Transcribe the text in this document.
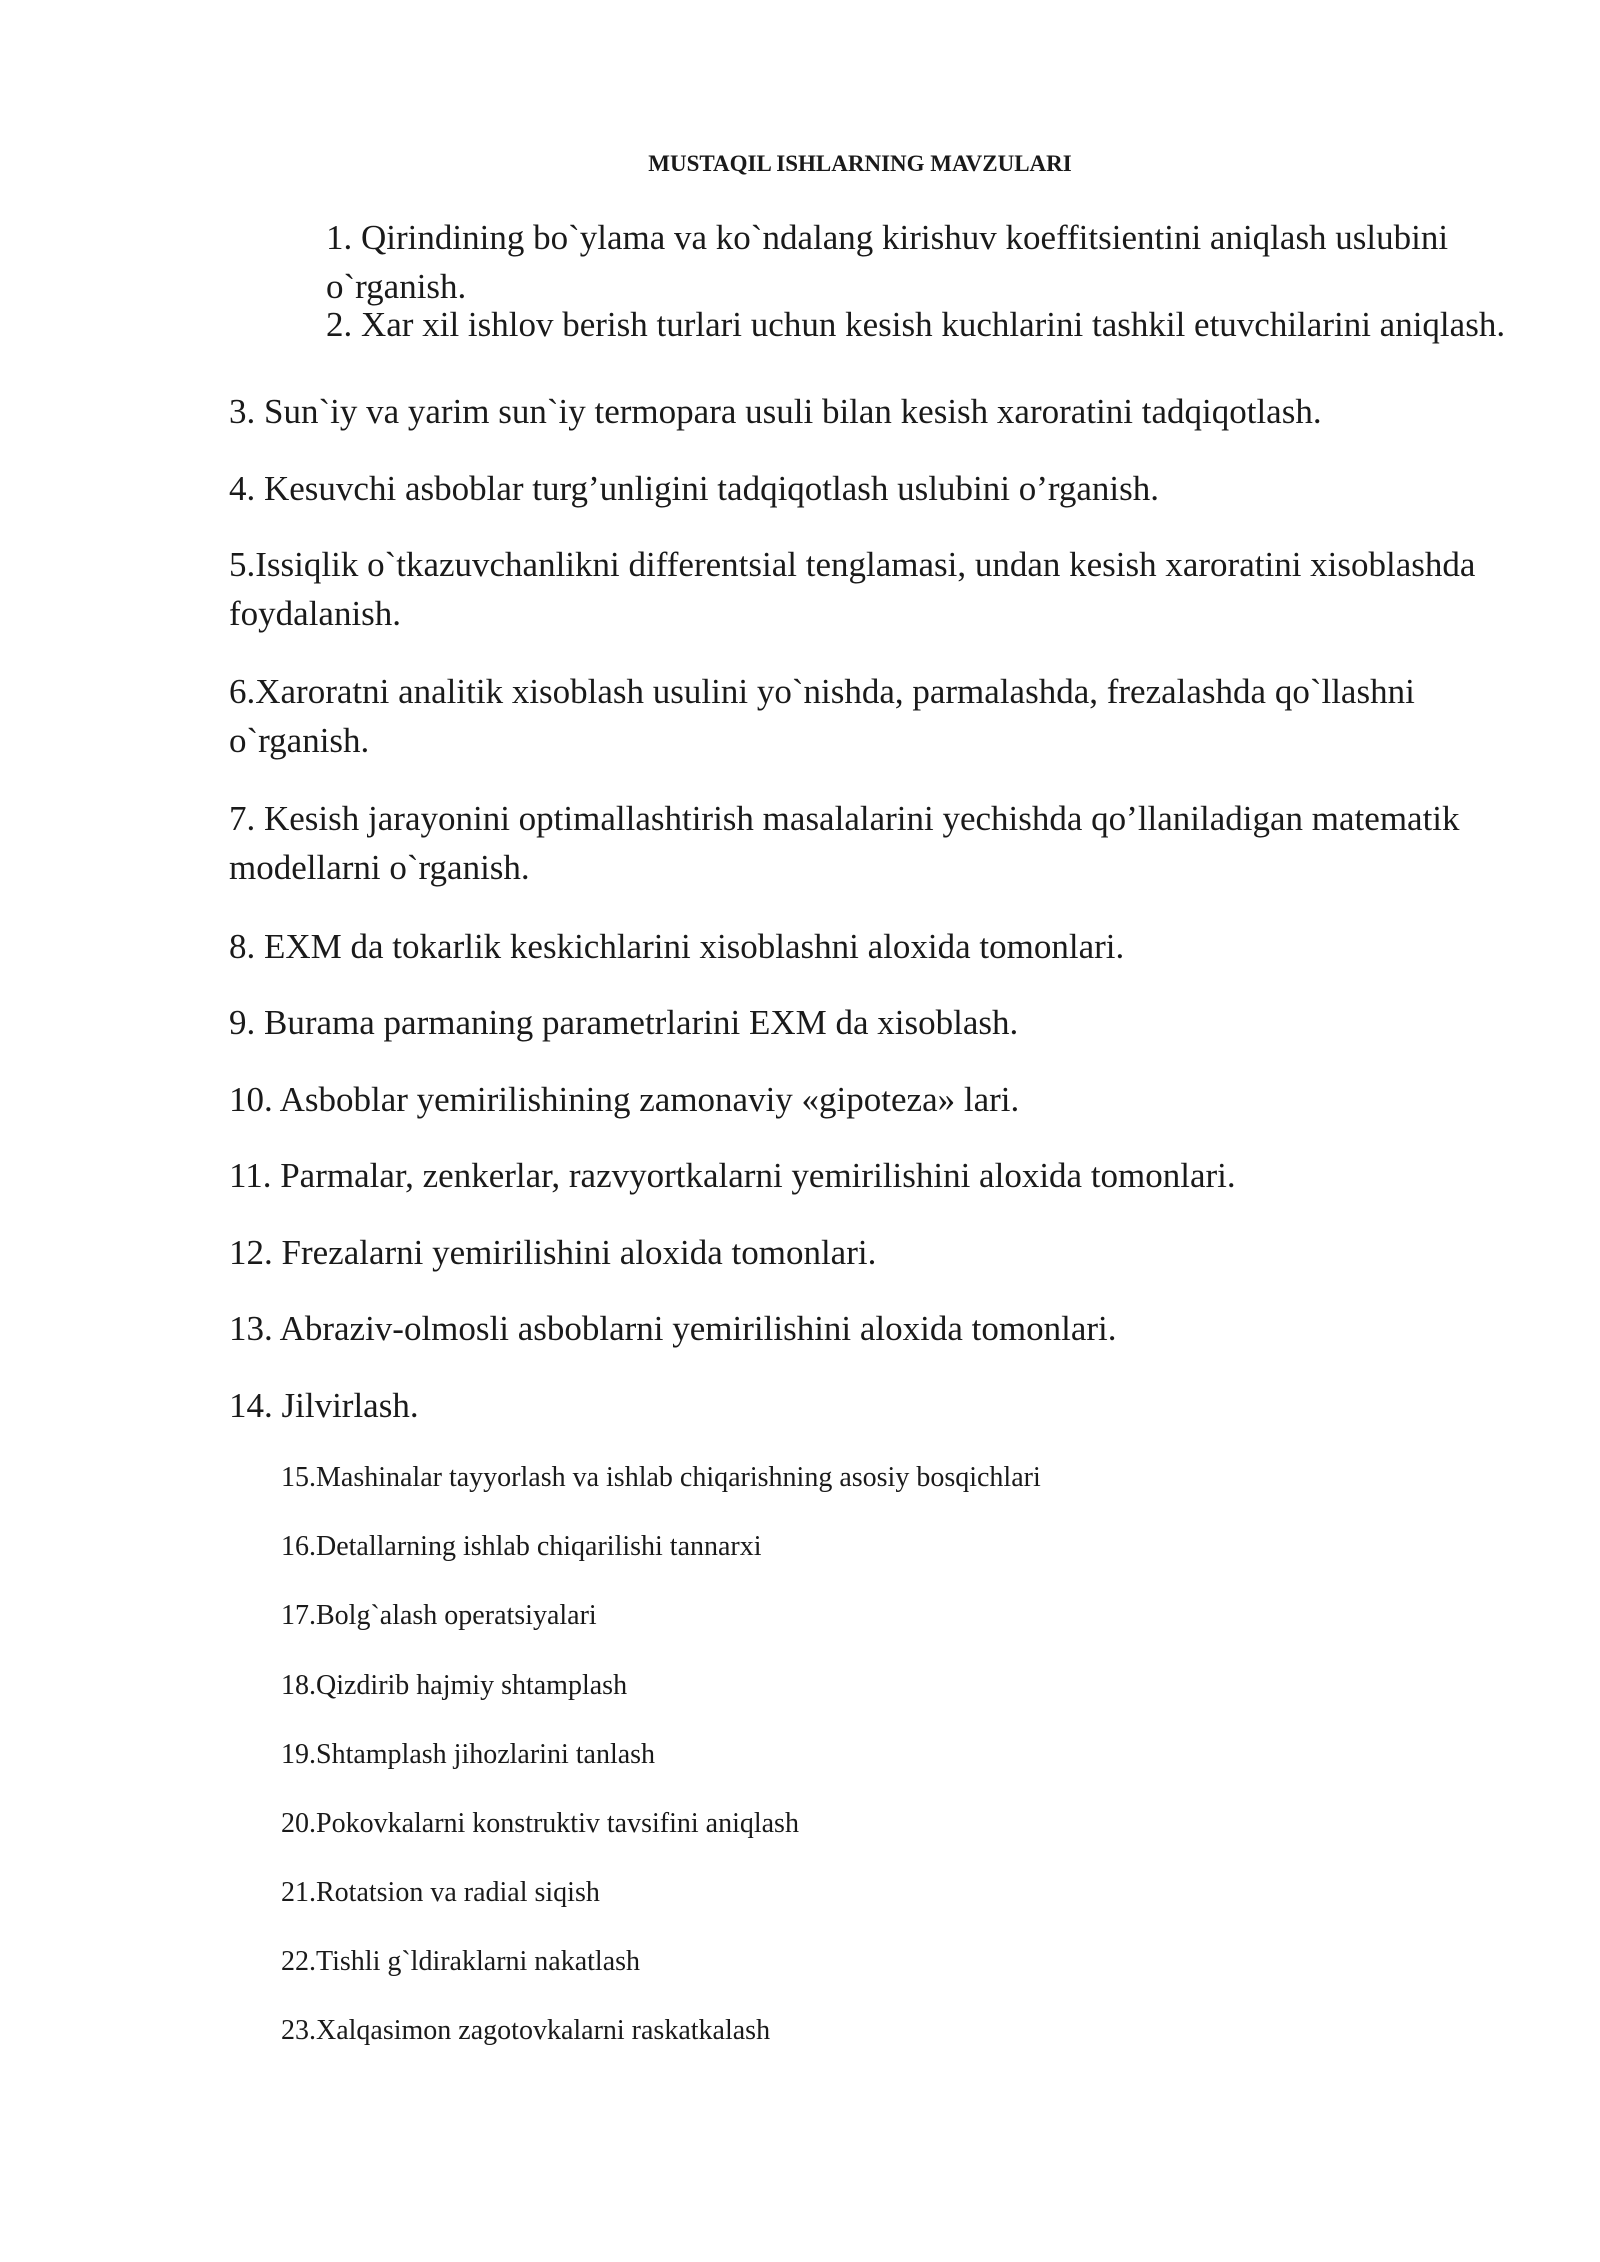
MUSTAQIL ISHLARNING MAVZULARI

1. Qirindining bo`ylama va ko`ndalang kirishuv koeffitsientini aniqlash uslubini o`rganish.

2. Xar xil ishlov berish turlari uchun kesish kuchlarini tashkil etuvchilarini aniqlash.

3. Sun`iy va yarim sun`iy termopara usuli bilan kesish xaroratini tadqiqotlash.

4. Kesuvchi asboblar turg’unligini tadqiqotlash uslubini o’rganish.

5.Issiqlik o`tkazuvchanlikni differentsial tenglamasi, undan kesish xaroratini xisoblashda foydalanish.

6.Xaroratni analitik xisoblash usulini yo`nishda, parmalashda, frezalashda qo`llashni o`rganish.

7. Kesish jarayonini optimallashtirish masalalarini yechishda qo’llaniladigan matematik modellarni o`rganish.

8. EXM da tokarlik keskichlarini xisoblashni aloxida tomonlari.

9. Burama parmaning parametrlarini EXM da xisoblash.

10. Asboblar yemirilishining zamonaviy «gipoteza» lari.

11. Parmalar, zenkerlar, razvyortkalarni yemirilishini aloxida tomonlari.

12. Frezalarni yemirilishini aloxida tomonlari.

13. Abraziv-olmosli asboblarni yemirilishini aloxida tomonlari.

14. Jilvirlash.

15.Mashinalar tayyorlash va ishlab chiqarishning asosiy bosqichlari

16.Detallarning ishlab chiqarilishi tannarxi

17.Bolg`alash operatsiyalari

18.Qizdirib hajmiy shtamplash

19.Shtamplash jihozlarini tanlash

20.Pokovkalarni konstruktiv tavsifini aniqlash

21.Rotatsion va radial siqish

22.Tishli g`ldiraklarni nakatlash

23.Xalqasimon zagotovkalarni raskatkalash
